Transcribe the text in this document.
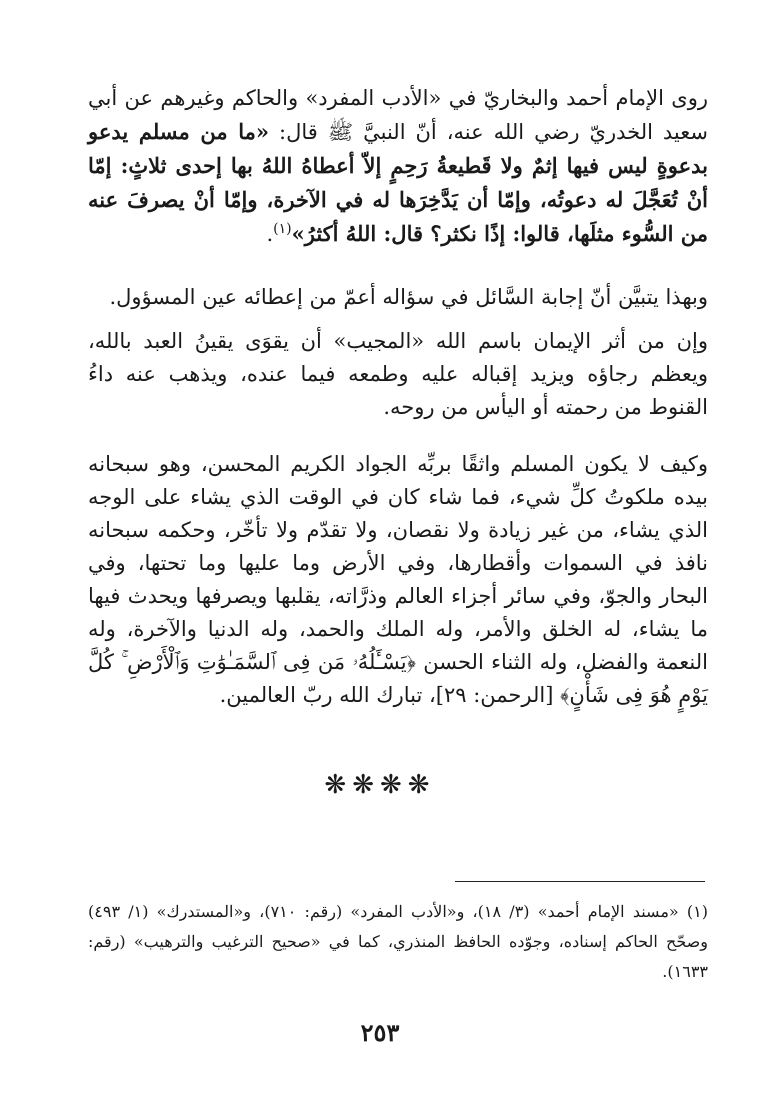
روى الإمام أحمد والبخاريّ في «الأدب المفرد» والحاكم وغيرهم عن أبي سعيد الخدريّ رضي الله عنه، أنّ النبيَّ ﷺ قال: «ما من مسلم يدعو بدعوةٍ ليس فيها إثمٌ ولا قَطيعةُ رَحِمٍ إلاّ أعطاهُ اللهُ بها إحدى ثلاثٍ: إمّا أنْ تُعَجَّلَ له دعوتُه، وإمّا أن يَدَّخِرَها له في الآخرة، وإمّا أنْ يصرفَ عنه من السُّوء مثلَها، قالوا: إذًا نكثر؟ قال: اللهُ أكثرُ»$^{(١)}$.

وبهذا يتبيَّن أنّ إجابة السَّائل في سؤاله أعمّ من إعطائه عين المسؤول.

وإن من أثر الإيمان باسم الله «المجيب» أن يقوَى يقينُ العبد بالله، ويعظم رجاؤه ويزيد إقباله عليه وطمعه فيما عنده، ويذهب عنه داءُ القنوط من رحمته أو اليأس من روحه.

وكيف لا يكون المسلم واثقًا بربِّه الجواد الكريم المحسن، وهو سبحانه بيده ملكوتُ كلِّ شيء، فما شاء كان في الوقت الذي يشاء على الوجه الذي يشاء، من غير زيادة ولا نقصان، ولا تقدّم ولا تأخّر، وحكمه سبحانه نافذ في السموات وأقطارها، وفي الأرض وما عليها وما تحتها، وفي البحار والجوّ، وفي سائر أجزاء العالم وذرَّاته، يقلبها ويصرفها ويحدث فيها ما يشاء، له الخلق والأمر، وله الملك والحمد، وله الدنيا والآخرة، وله النعمة والفضل، وله الثناء الحسن ﴿يَسْـَٔلُهُۥ مَن فِى ٱلسَّمَـٰوَٰتِ وَٱلْأَرْضِ ۚ كُلَّ يَوْمٍ هُوَ فِى شَأْنٍ﴾ [الرحمن: ٢٩]، تبارك الله ربّ العالمين.

❋❋❋❋

(١) «مسند الإمام أحمد» (٣/ ١٨)، و«الأدب المفرد» (رقم: ٧١٠)، و«المستدرك» (١/ ٤٩٣) وصحّح الحاكم إسناده، وجوّده الحافظ المنذري، كما في «صحيح الترغيب والترهيب» (رقم: ١٦٣٣).

٢٥٣
